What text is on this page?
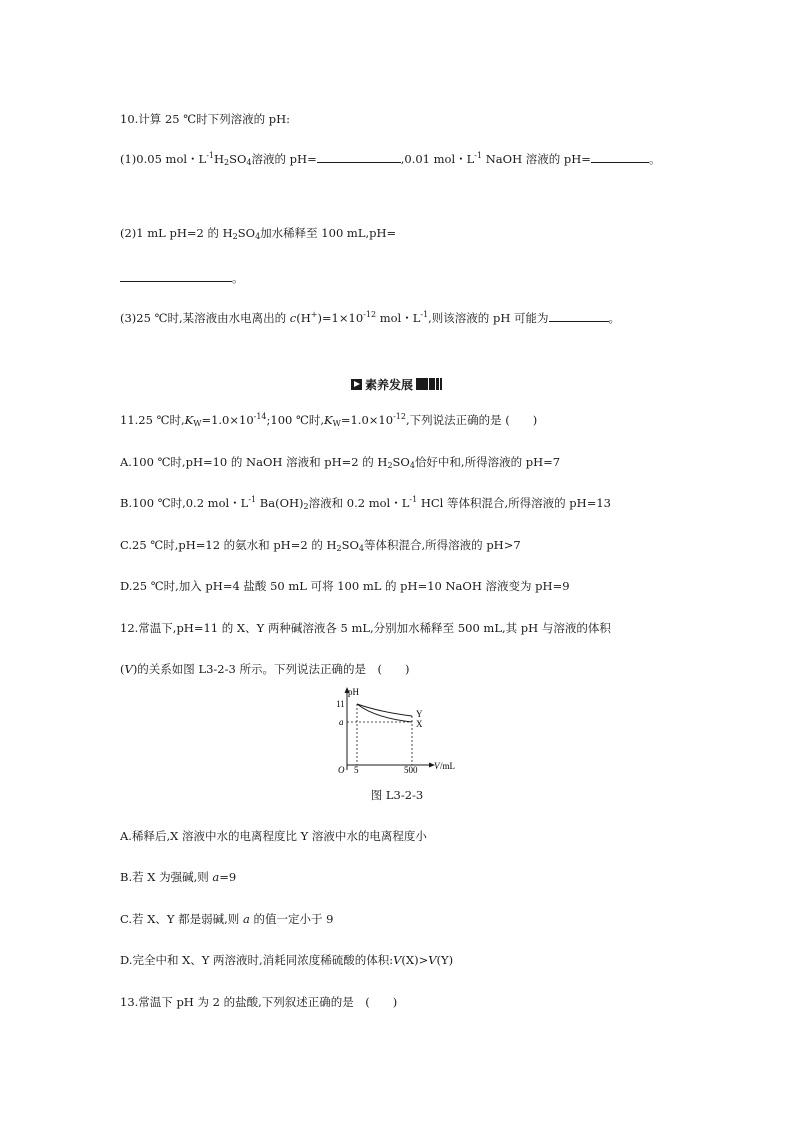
10.计算 25 ℃时下列溶液的 pH:
(1)0.05 mol・$L^{-1}H_2SO_4$溶液的 pH=	,0.01 mol・$L^{-1}$ NaOH 溶液的 pH=	。
(2)1 mL pH=2 的 $H_2SO_4$加水稀释至 100 mL,pH=
。
(3)25 ℃时,某溶液由水电离出的 $c(H^+)=1\times 10^{-12}$ mol・$L^{-1}$,则该溶液的 pH 可能为	。
素养发展
11.25 ℃时$,K_W=1.0\times 10^{-14};100$ ℃时$,K_W=1.0\times 10^{-12}$,下列说法正确的是 (　　)
A.100 ℃时,pH=10 的 NaOH 溶液和 pH=2 的 $H_2SO_4$恰好中和,所得溶液的 pH=7
B.100 ℃时,0.2 mol・$L^{-1}$ $Ba(OH)_2$溶液和 0.2 mol・$L^{-1}$ HCl 等体积混合,所得溶液的 pH=13
C.25 ℃时,pH=12 的氨水和 pH=2 的 $H_2SO_4$等体积混合,所得溶液的 pH>7
D.25 ℃时,加入 pH=4 盐酸 50 mL 可将 100 mL 的 pH=10 NaOH 溶液变为 pH=9
12.常温下,pH=11 的 X、Y 两种碱溶液各 5 mL,分别加水稀释至 500 mL,其 pH 与溶液的体积
(V)的关系如图 L3-2-3 所示。下列说法正确的是　(　　)
pH
V /mL
11
a
O 5	500
Y
X
图 L3-2-3
A.稀释后,X 溶液中水的电离程度比 Y 溶液中水的电离程度小
B.若 X 为强碱,则 a=9
C.若 X、Y 都是弱碱,则 a 的值一定小于 9
D.完全中和 X、Y 两溶液时,消耗同浓度稀硫酸的体积:V(X)>V(Y)
13.常温下 pH 为 2 的盐酸,下列叙述正确的是　(　　)
